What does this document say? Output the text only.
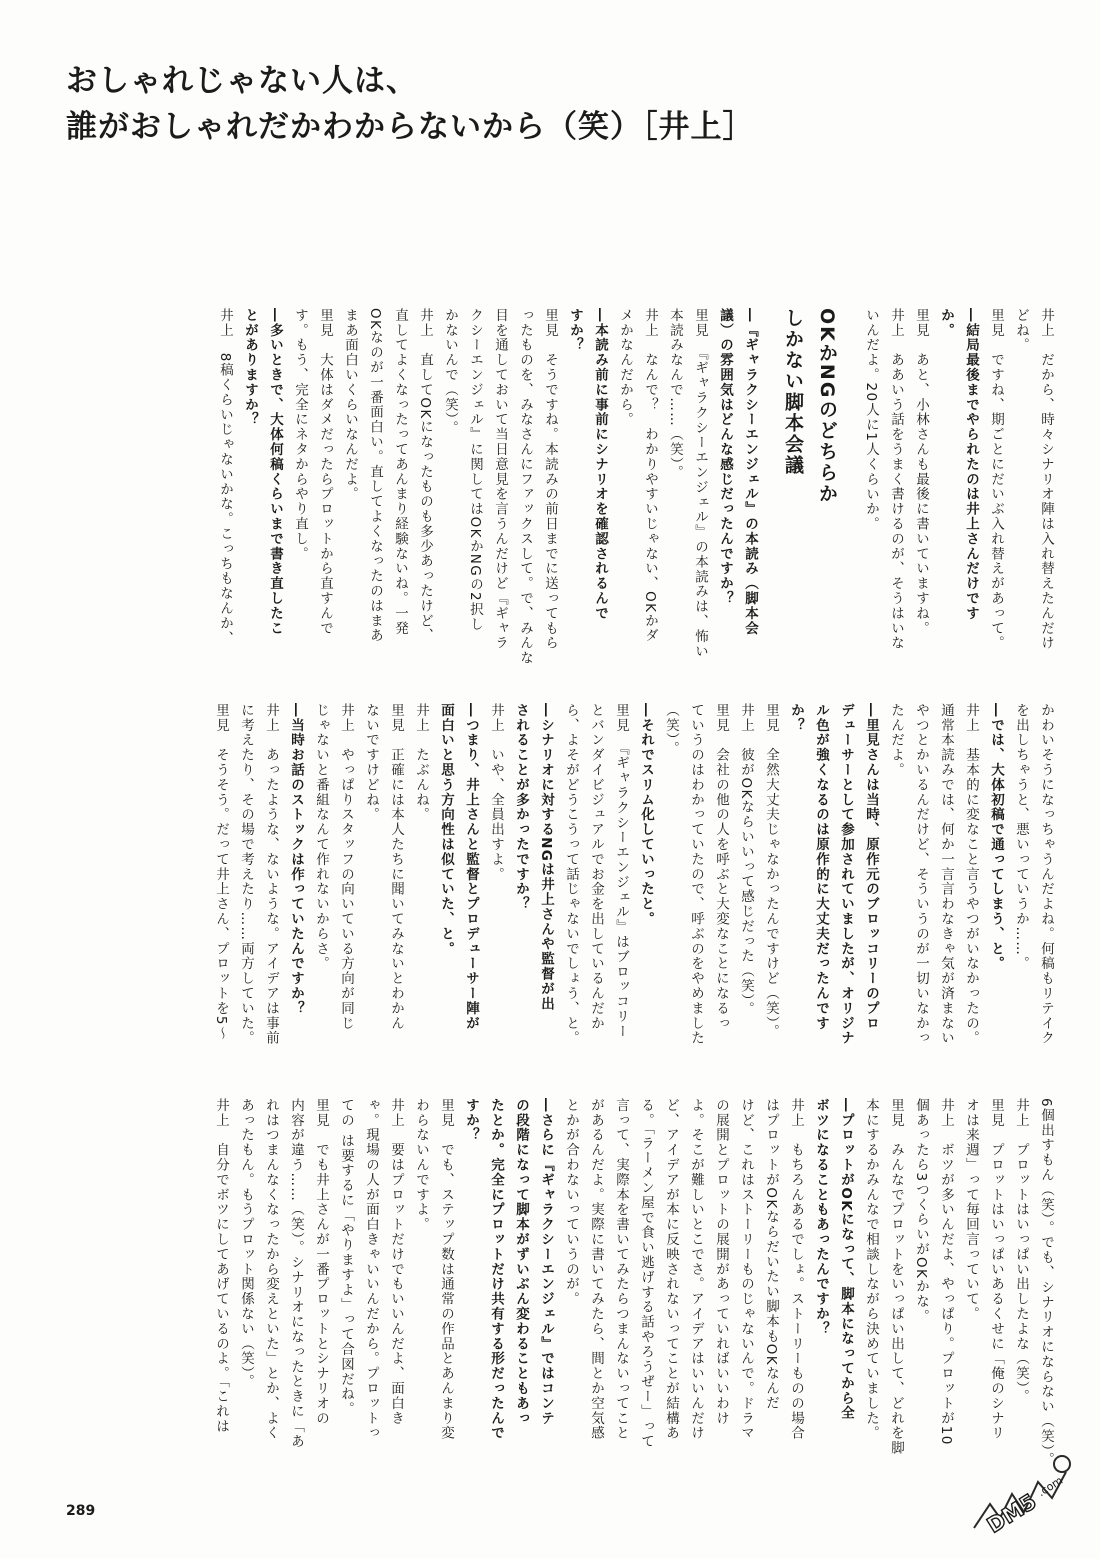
おしゃれじゃない人は、
誰がおしゃれだかわからないから（笑）［井上］
井上　だから、時々シナリオ陣は入れ替えたんだけ
どね。
里見　ですね、期ごとにだいぶ入れ替えがあって。
―結局最後までやられたのは井上さんだけです
か。
里見　あと、小林さんも最後に書いていますね。
井上　ああいう話をうまく書けるのが、そうはいな
いんだよ。20人に1人くらいか。
OKかNGのどちらか
しかない脚本会議
―『ギャラクシーエンジェル』の本読み（脚本会
議）の雰囲気はどんな感じだったんですか？
里見　『ギャラクシーエンジェル』の本読みは、怖い
本読みなんで……（笑）。
井上　なんで？　わかりやすいじゃない、OKかダ
メかなんだから。
―本読み前に事前にシナリオを確認されるんで
すか？
里見　そうですね。本読みの前日までに送ってもら
ったものを、みなさんにファックスして。で、みんな
目を通しておいて当日意見を言うんだけど『ギャラ
クシーエンジェル』に関してはOKかNGの2択し
かないんで（笑）。
井上　直してOKになったものも多少あったけど、
直してよくなったってあんまり経験ないね。一発
OKなのが一番面白い。直してよくなったのはまあ
まあ面白いくらいなんだよ。
里見　大体はダメだったらプロットから直すんで
す。もう、完全にネタからやり直し。
―多いときで、大体何稿くらいまで書き直したこ
とがありますか？
井上　8稿くらいじゃないかな。こっちもなんか、
かわいそうになっちゃうんだよね。何稿もリテイク
を出しちゃうと、悪いっていうか……。
―では、大体初稿で通ってしまう、と。
井上　基本的に変なこと言うやつがいなかったの。
通常本読みでは、何か一言言わなきゃ気が済まない
やつとかいるんだけど、そういうのが一切いなかっ
たんだよ。
―里見さんは当時、原作元のブロッコリーのプロ
デューサーとして参加されていましたが、オリジナ
ル色が強くなるのは原作的に大丈夫だったんです
か？
里見　全然大丈夫じゃなかったんですけど（笑）。
井上　彼がOKならいいって感じだった（笑）。
里見　会社の他の人を呼ぶと大変なことになるっ
ていうのはわかっていたので、呼ぶのをやめました
（笑）。
―それでスリム化していったと。
里見　『ギャラクシーエンジェル』はブロッコリー
とバンダイビジュアルでお金を出しているんだか
ら、よそがどうこうって話じゃないでしょう、と。
―シナリオに対するNGは井上さんや監督が出
されることが多かったですか？
井上　いや、全員出すよ。
―つまり、井上さんと監督とプロデューサー陣が
面白いと思う方向性は似ていた、と。
井上　たぶんね。
里見　正確には本人たちに聞いてみないとわかん
ないですけどね。
井上　やっぱりスタッフの向いている方向が同じ
じゃないと番組なんて作れないからさ。
―当時お話のストックは作っていたんですか？
井上　あったような、ないような。アイデアは事前
に考えたり、その場で考えたり……両方していた。
里見　そうそう。だって井上さん、プロットを5～
6個出すもん（笑）。でも、シナリオにならない（笑）。
井上　プロットはいっぱい出したよな（笑）。
里見　プロットはいっぱいあるくせに「俺のシナリ
オは来週」って毎回言っていて。
井上　ボツが多いんだよ、やっぱり。プロットが10
個あったら3つくらいがOKかな。
里見　みんなでプロットをいっぱい出して、どれを脚
本にするかみんなで相談しながら決めていました。
―プロットがOKになって、脚本になってから全
ボツになることもあったんですか？
井上　もちろんあるでしょ。ストーリーものの場合
はプロットがOKならだいたい脚本もOKなんだ
けど、これはストーリーものじゃないんで。ドラマ
の展開とプロットの展開があっていればいいわけ
よ。そこが難しいとこでさ。アイデアはいいんだけ
ど、アイデアが本に反映されないってことが結構あ
る。「ラーメン屋で食い逃げする話やろうぜー」って
言って、実際本を書いてみたらつまんないってこと
があるんだよ。実際に書いてみたら、間とか空気感
とかが合わないっていうのが。
―さらに『ギャラクシーエンジェル』ではコンテ
の段階になって脚本がずいぶん変わることもあっ
たとか。完全にプロットだけ共有する形だったんで
すか？
里見　でも、ステップ数は通常の作品とあんまり変
わらないんですよ。
井上　要はプロットだけでもいいんだよ、面白き
ゃ。現場の人が面白きゃいいんだから。プロットっ
ての は要するに「やりますよ」って合図だね。
里見　でも井上さんが一番プロットとシナリオの
内容が違う……（笑）。シナリオになったときに「あ
れはつまんなくなったから変えといた」とか、よく
あったもん。もうプロット関係ない（笑）。
井上　自分でボツにしてあげているのよ。「これは
289	DM5
.com
